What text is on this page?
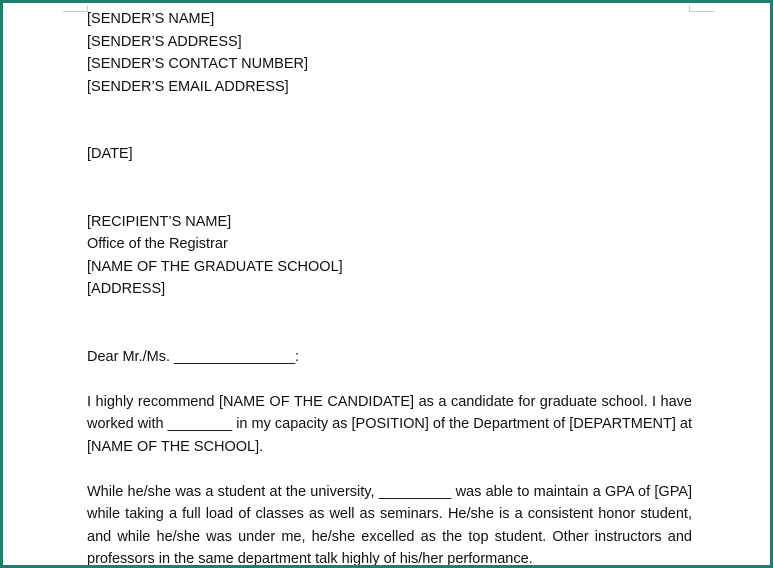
[SENDER’S NAME]
[SENDER’S ADDRESS]
[SENDER’S CONTACT NUMBER]
[SENDER’S EMAIL ADDRESS]
[DATE]
[RECIPIENT’S NAME]
Office of the Registrar
[NAME OF THE GRADUATE SCHOOL]
[ADDRESS]
Dear Mr./Ms. _______________:

I highly recommend [NAME OF THE CANDIDATE] as a candidate for graduate school. I have worked with ________ in my capacity as [POSITION] of the Department of [DEPARTMENT] at [NAME OF THE SCHOOL].

While he/she was a student at the university, _________ was able to maintain a GPA of [GPA] while taking a full load of classes as well as seminars. He/she is a consistent honor student, and while he/she was under me, he/she excelled as the top student. Other instructors and professors in the same department talk highly of his/her performance.
